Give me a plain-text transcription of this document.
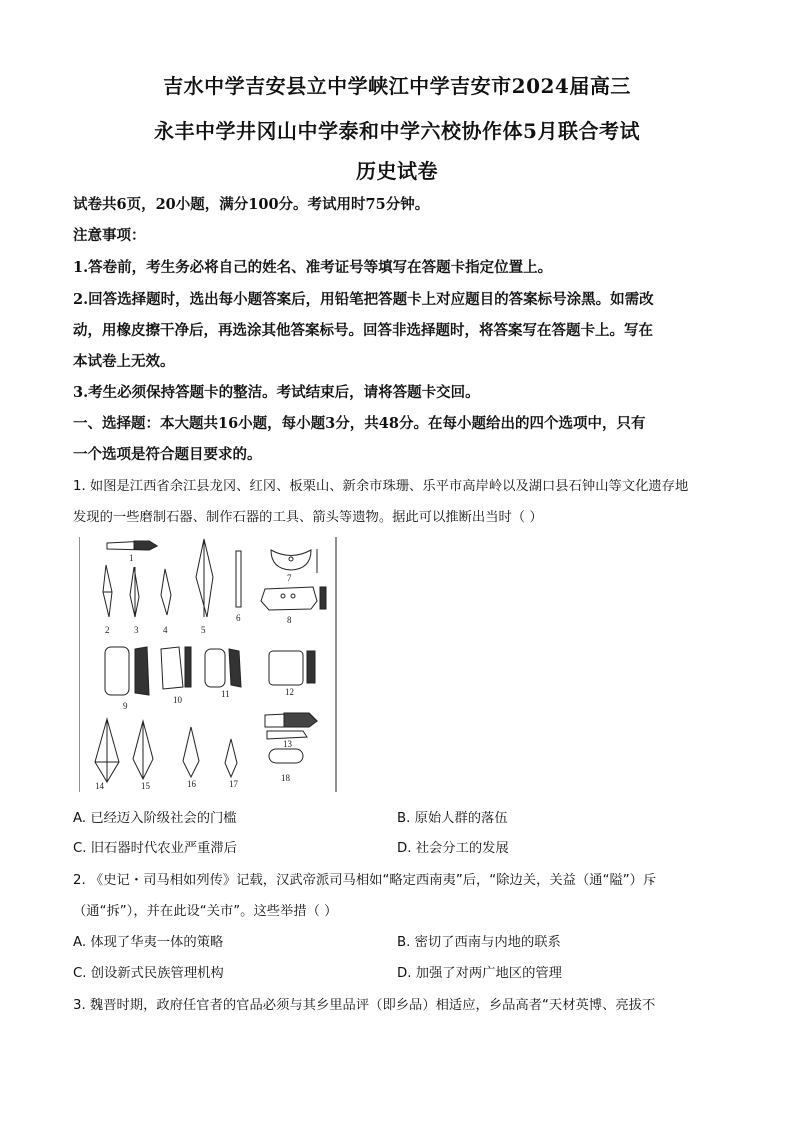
吉水中学吉安县立中学峡江中学吉安市2024届高三
永丰中学井冈山中学泰和中学六校协作体5月联合考试
历史试卷
试卷共6页，20小题，满分100分。考试用时75分钟。
注意事项：
1.答卷前，考生务必将自己的姓名、准考证号等填写在答题卡指定位置上。
2.回答选择题时，选出每小题答案后，用铅笔把答题卡上对应题目的答案标号涂黑。如需改
动，用橡皮擦干净后，再选涂其他答案标号。回答非选择题时，将答案写在答题卡上。写在
本试卷上无效。
3.考生必须保持答题卡的整洁。考试结束后，请将答题卡交回。
一、选择题：本大题共16小题，每小题3分，共48分。在每小题给出的四个选项中，只有
一个选项是符合题目要求的。
1. 如图是江西省余江县龙冈、红冈、板栗山、新余市珠珊、乐平市高岸岭以及湖口县石钟山等文化遗存地
发现的一些磨制石器、制作石器的工具、箭头等遗物。据此可以推断出当时（ ）
1
2	3	4	5
6
7
8
9
10
11	12
13
14	15	16	17
18
A. 已经迈入阶级社会的门槛	B. 原始人群的落伍
C. 旧石器时代农业严重滞后	D. 社会分工的发展
2. 《史记・司马相如列传》记载，汉武帝派司马相如“略定西南夷”后，“除边关，关益（通“隘”）斥
（通“拆”），并在此设“关市”。这些举措（ ）
A. 体现了华夷一体的策略	B. 密切了西南与内地的联系
C. 创设新式民族管理机构	D. 加强了对两广地区的管理
3. 魏晋时期，政府任官者的官品必须与其乡里品评（即乡品）相适应，乡品高者“天材英博、亮拔不
